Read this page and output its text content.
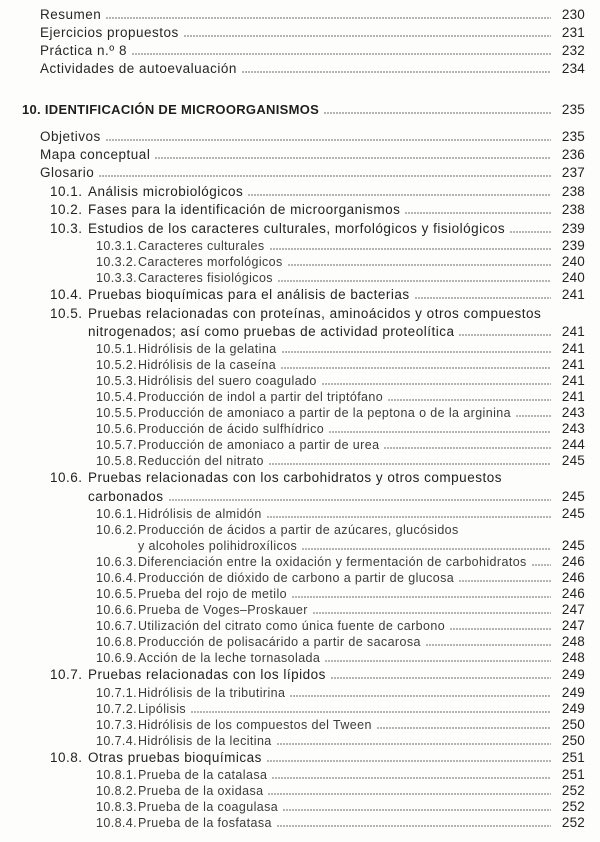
Resumen	230
Ejercicios propuestos	231
Práctica n.º 8	232
Actividades de autoevaluación	234
10. IDENTIFICACIÓN DE MICROORGANISMOS	235
Objetivos	235
Mapa conceptual	236
Glosario	237
10.1. Análisis microbiológicos	238
10.2. Fases para la identificación de microorganismos	238
10.3. Estudios de los caracteres culturales, morfológicos y fisiológicos	239
10.3.1. Caracteres culturales	239
10.3.2. Caracteres morfológicos	240
10.3.3. Caracteres fisiológicos	240
10.4. Pruebas bioquímicas para el análisis de bacterias	241
10.5. Pruebas relacionadas con proteínas, aminoácidos y otros compuestos
nitrogenados; así como pruebas de actividad proteolítica	241
10.5.1. Hidrólisis de la gelatina	241
10.5.2. Hidrólisis de la caseína	241
10.5.3. Hidrólisis del suero coagulado	241
10.5.4. Producción de indol a partir del triptófano	241
10.5.5. Producción de amoniaco a partir de la peptona o de la arginina	243
10.5.6. Producción de ácido sulfhídrico	243
10.5.7. Producción de amoniaco a partir de urea	244
10.5.8. Reducción del nitrato	245
10.6. Pruebas relacionadas con los carbohidratos y otros compuestos
carbonados	245
10.6.1. Hidrólisis de almidón	245
10.6.2. Producción de ácidos a partir de azúcares, glucósidos
y alcoholes polihidroxílicos	245
10.6.3. Diferenciación entre la oxidación y fermentación de carbohidratos	246
10.6.4. Producción de dióxido de carbono a partir de glucosa	246
10.6.5. Prueba del rojo de metilo	246
10.6.6. Prueba de Voges–Proskauer	247
10.6.7. Utilización del citrato como única fuente de carbono	247
10.6.8. Producción de polisacárido a partir de sacarosa	248
10.6.9. Acción de la leche tornasolada	248
10.7. Pruebas relacionadas con los lípidos	249
10.7.1. Hidrólisis de la tributirina	249
10.7.2. Lipólisis	249
10.7.3. Hidrólisis de los compuestos del Tween	250
10.7.4. Hidrólisis de la lecitina	250
10.8. Otras pruebas bioquímicas	251
10.8.1. Prueba de la catalasa	251
10.8.2. Prueba de la oxidasa	252
10.8.3. Prueba de la coagulasa	252
10.8.4. Prueba de la fosfatasa	252
